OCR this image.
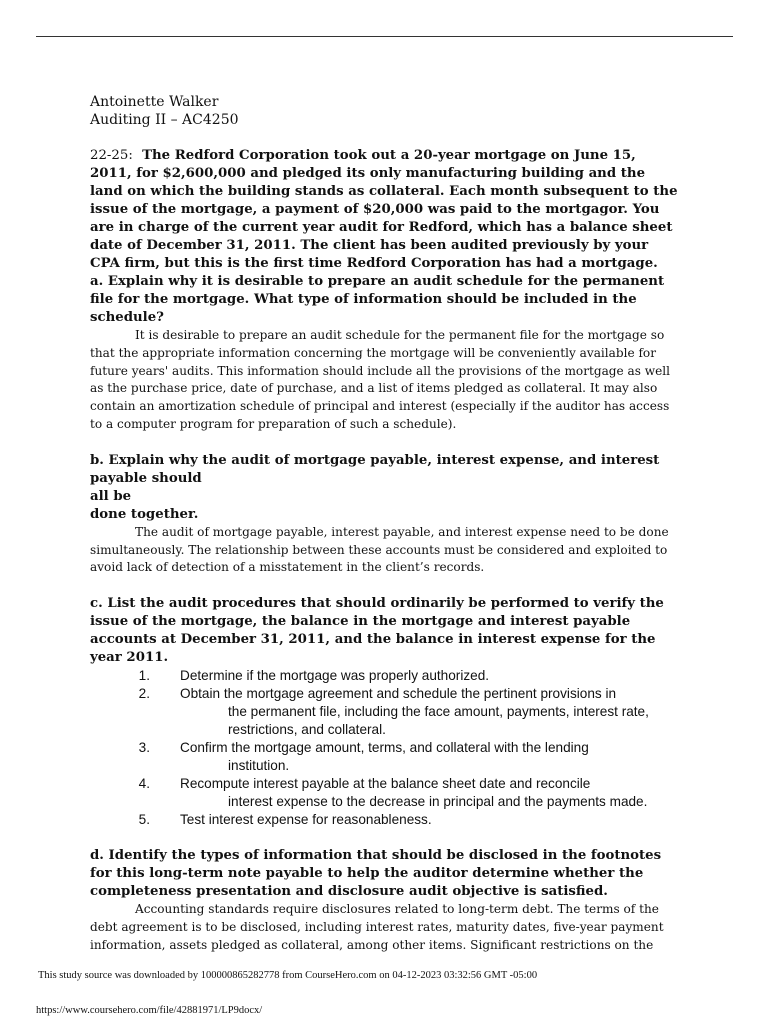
Antoinette Walker
Auditing II – AC4250

22-25: The Redford Corporation took out a 20-year mortgage on June 15, 2011, for $2,600,000 and pledged its only manufacturing building and the land on which the building stands as collateral. Each month subsequent to the issue of the mortgage, a payment of $20,000 was paid to the mortgagor. You are in charge of the current year audit for Redford, which has a balance sheet date of December 31, 2011. The client has been audited previously by your CPA firm, but this is the first time Redford Corporation has had a mortgage.

a. Explain why it is desirable to prepare an audit schedule for the permanent file for the mortgage. What type of information should be included in the schedule?

It is desirable to prepare an audit schedule for the permanent file for the mortgage so that the appropriate information concerning the mortgage will be conveniently available for future years' audits. This information should include all the provisions of the mortgage as well as the purchase price, date of purchase, and a list of items pledged as collateral. It may also contain an amortization schedule of principal and interest (especially if the auditor has access to a computer program for preparation of such a schedule).

b. Explain why the audit of mortgage payable, interest expense, and interest payable should
all be
done together.

The audit of mortgage payable, interest payable, and interest expense need to be done simultaneously. The relationship between these accounts must be considered and exploited to avoid lack of detection of a misstatement in the client’s records.

c. List the audit procedures that should ordinarily be performed to verify the issue of the mortgage, the balance in the mortgage and interest payable accounts at December 31, 2011, and the balance in interest expense for the year 2011.

1. Determine if the mortgage was properly authorized.
2. Obtain the mortgage agreement and schedule the pertinent provisions in
the permanent file, including the face amount, payments, interest rate, restrictions, and collateral.
3. Confirm the mortgage amount, terms, and collateral with the lending
institution.
4. Recompute interest payable at the balance sheet date and reconcile
interest expense to the decrease in principal and the payments made.
5. Test interest expense for reasonableness.

d. Identify the types of information that should be disclosed in the footnotes for this long-term note payable to help the auditor determine whether the completeness presentation and disclosure audit objective is satisfied.

Accounting standards require disclosures related to long-term debt. The terms of the debt agreement is to be disclosed, including interest rates, maturity dates, five-year payment information, assets pledged as collateral, among other items. Significant restrictions on the

This study source was downloaded by 100000865282778 from CourseHero.com on 04-12-2023 03:32:56 GMT -05:00
https://www.coursehero.com/file/42881971/LP9docx/
